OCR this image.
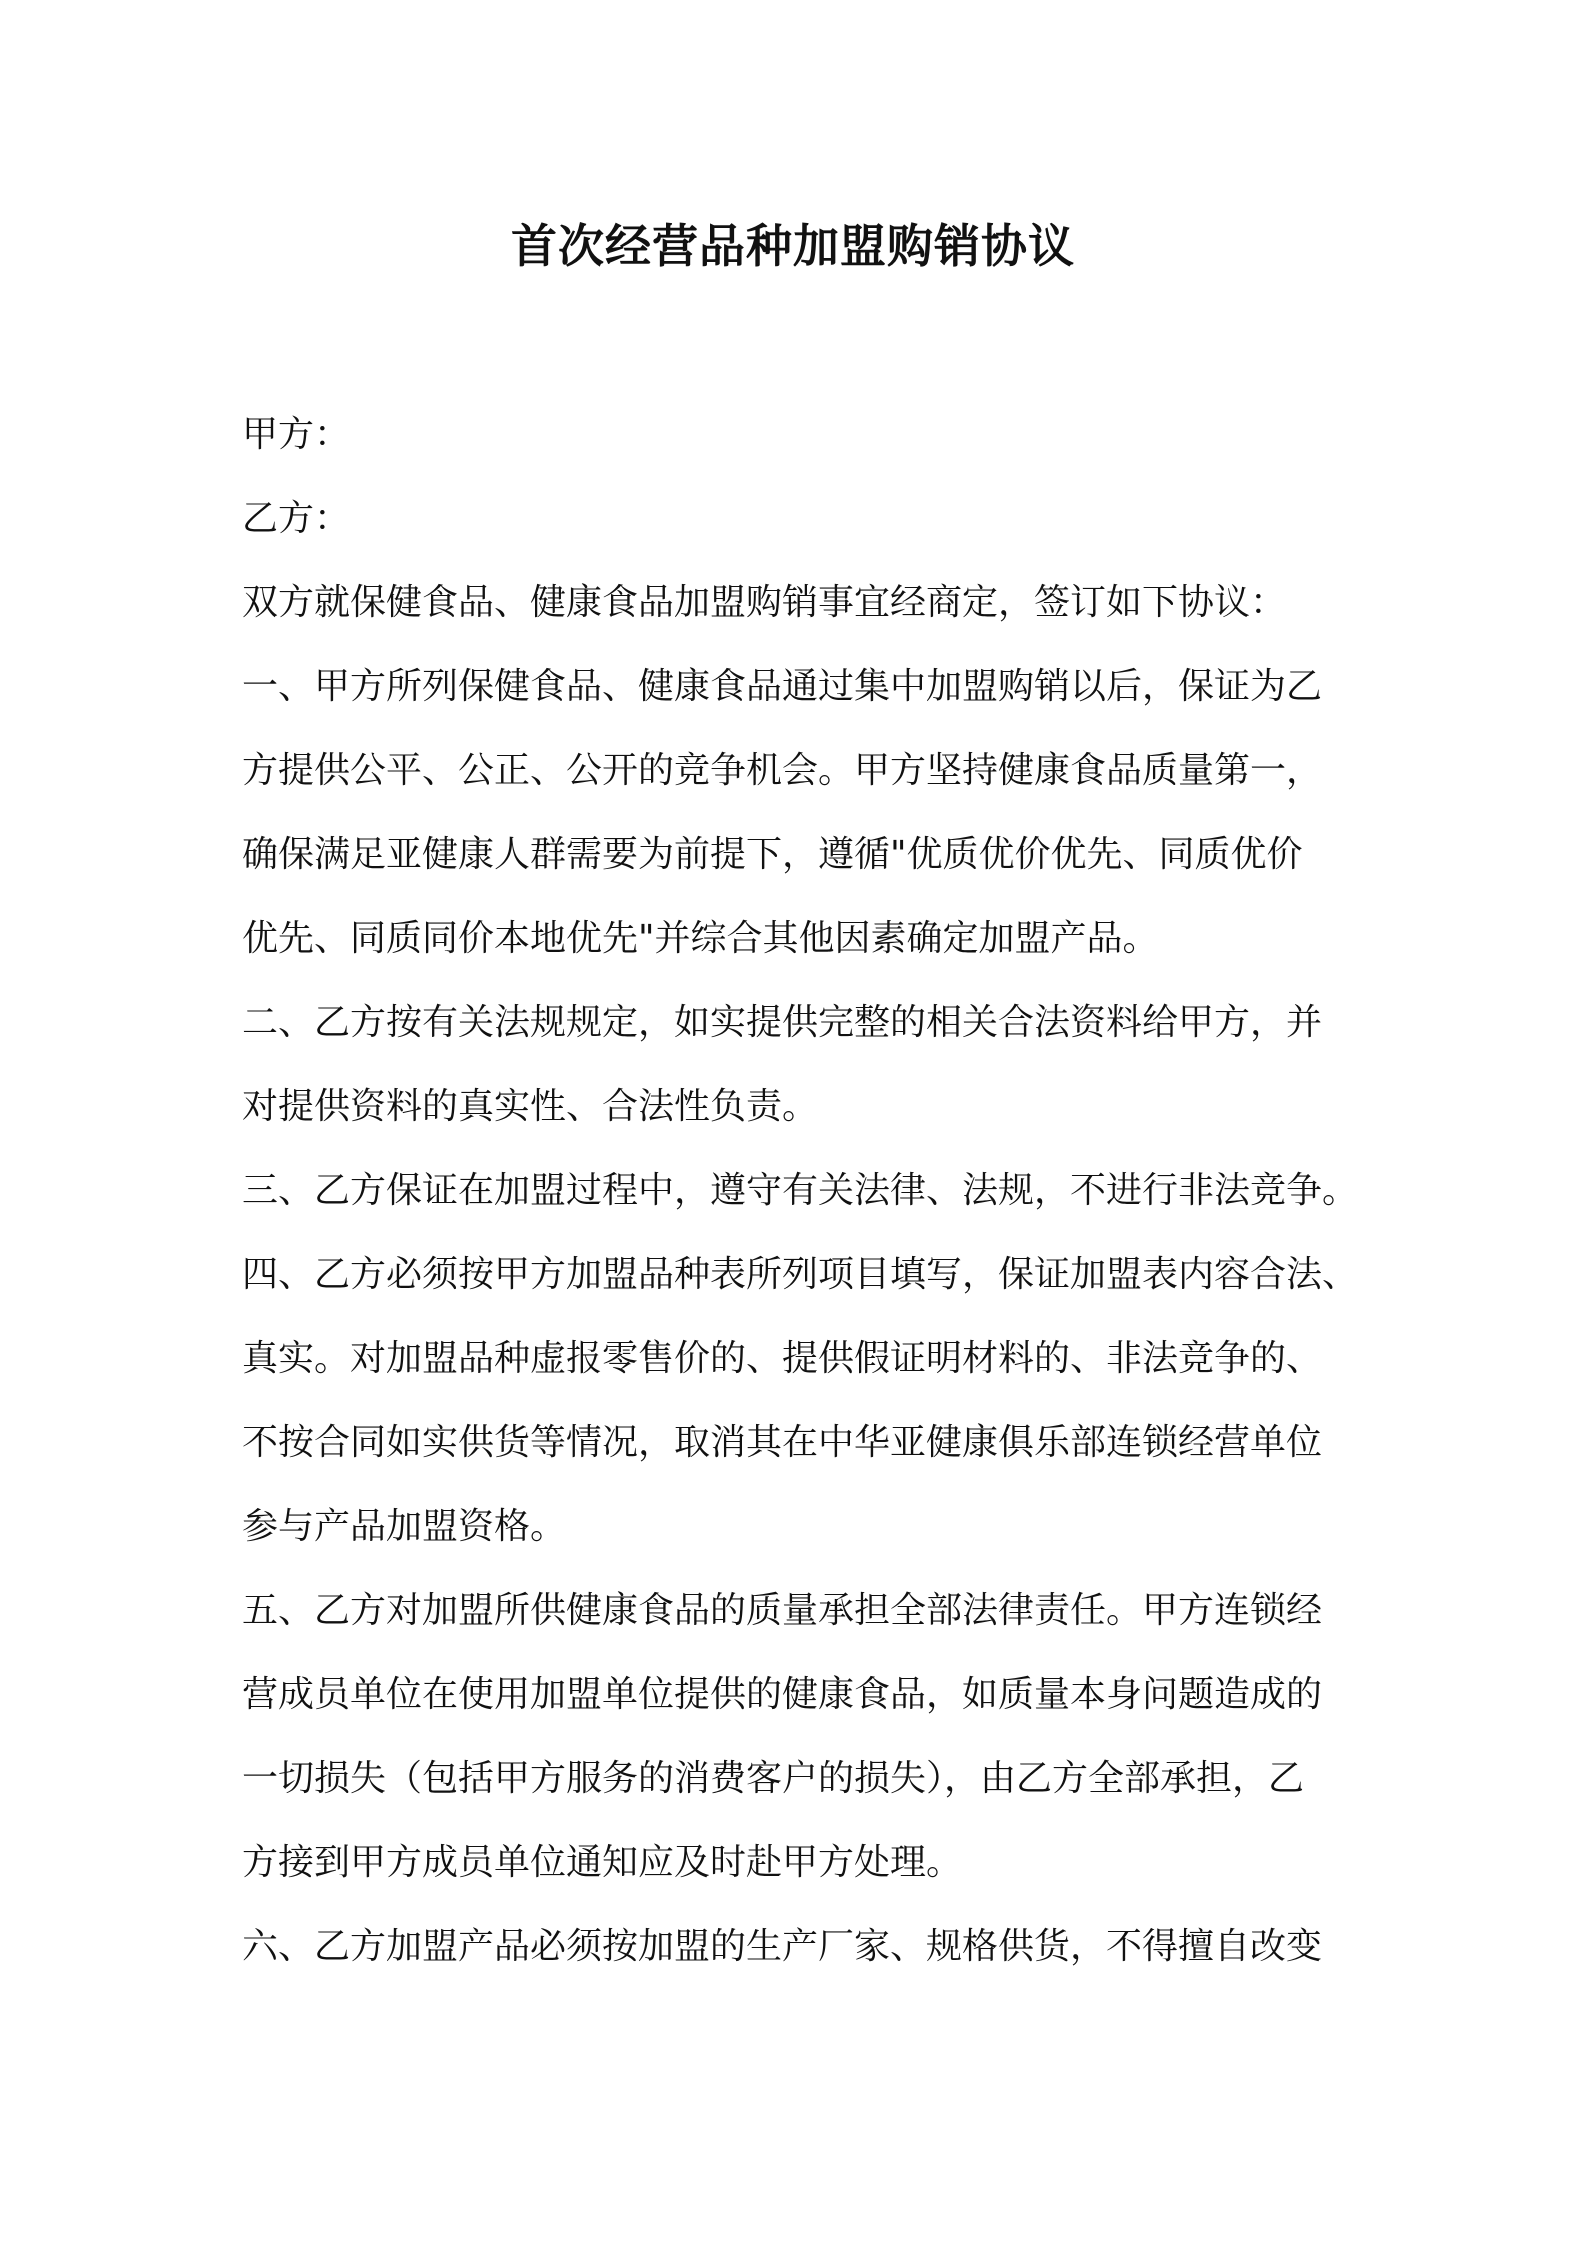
首次经营品种加盟购销协议

甲方：

乙方：

双方就保健食品、健康食品加盟购销事宜经商定，签订如下协议：

一、甲方所列保健食品、健康食品通过集中加盟购销以后，保证为乙

方提供公平、公正、公开的竞争机会。甲方坚持健康食品质量第一，

确保满足亚健康人群需要为前提下，遵循"优质优价优先、同质优价

优先、同质同价本地优先"并综合其他因素确定加盟产品。

二、乙方按有关法规规定，如实提供完整的相关合法资料给甲方，并

对提供资料的真实性、合法性负责。

三、乙方保证在加盟过程中，遵守有关法律、法规，不进行非法竞争。

四、乙方必须按甲方加盟品种表所列项目填写，保证加盟表内容合法、

真实。对加盟品种虚报零售价的、提供假证明材料的、非法竞争的、

不按合同如实供货等情况，取消其在中华亚健康俱乐部连锁经营单位

参与产品加盟资格。

五、乙方对加盟所供健康食品的质量承担全部法律责任。甲方连锁经

营成员单位在使用加盟单位提供的健康食品，如质量本身问题造成的

一切损失（包括甲方服务的消费客户的损失），由乙方全部承担，乙

方接到甲方成员单位通知应及时赴甲方处理。

六、乙方加盟产品必须按加盟的生产厂家、规格供货，不得擅自改变
